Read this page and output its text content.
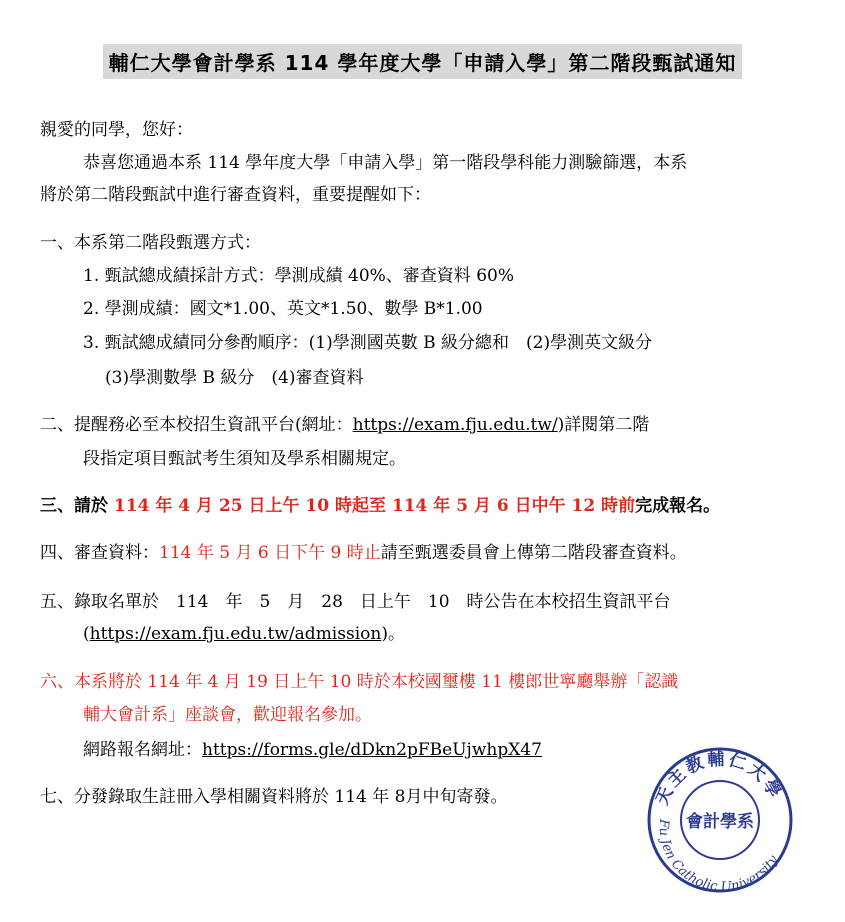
輔仁大學會計學系 114 學年度大學「申請入學」第二階段甄試通知
親愛的同學，您好：
恭喜您通過本系 114 學年度大學「申請入學」第一階段學科能力測驗篩選，本系
將於第二階段甄試中進行審查資料，重要提醒如下：
一、本系第二階段甄選方式：
1. 甄試總成績採計方式：學測成績 40%、審查資料 60%
2. 學測成績：國文*1.00、英文*1.50、數學 B*1.00
3. 甄試總成績同分參酌順序：(1)學測國英數 B 級分總和　(2)學測英文級分
(3)學測數學 B 級分　(4)審查資料
二、提醒務必至本校招生資訊平台(網址：https://exam.fju.edu.tw/)詳閱第二階
段指定項目甄試考生須知及學系相關規定。
三、請於 114 年 4 月 25 日上午 10 時起至 114 年 5 月 6 日中午 12 時前完成報名。
四、審查資料：114 年 5 月 6 日下午 9 時止請至甄選委員會上傳第二階段審查資料。
五、錄取名單於　114　年　5　月　28　日上午　10　時公告在本校招生資訊平台
(https://exam.fju.edu.tw/admission)。
六、本系將於 114 年 4 月 19 日上午 10 時於本校國璽樓 11 樓郎世寧廳舉辦「認識
輔大會計系」座談會，歡迎報名參加。
網路報名網址：https://forms.gle/dDkn2pFBeUjwhpX47
七、分發錄取生註冊入學相關資料將於 114 年 8月中旬寄發。	天主教輔仁大學
Fu Jen Catholic University
會計學系
